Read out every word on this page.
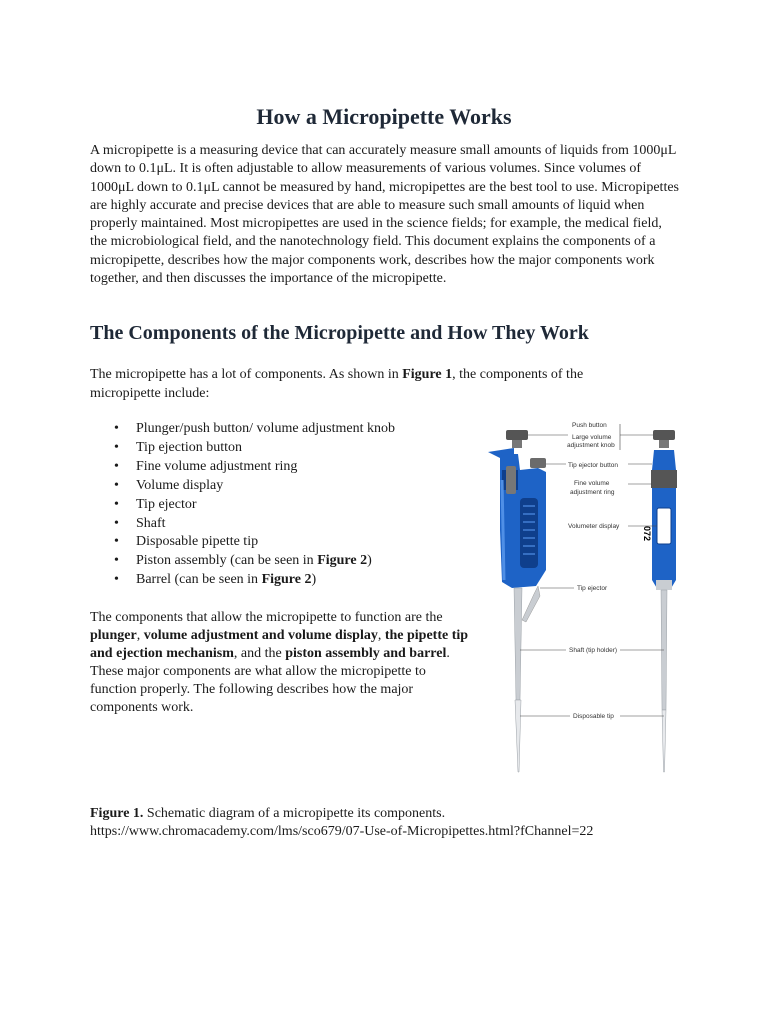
How a Micropipette Works

A micropipette is a measuring device that can accurately measure small amounts of liquids from 1000μL down to 0.1μL. It is often adjustable to allow measurements of various volumes. Since volumes of 1000μL down to 0.1μL cannot be measured by hand, micropipettes are the best tool to use. Micropipettes are highly accurate and precise devices that are able to measure such small amounts of liquid when properly maintained. Most micropipettes are used in the science fields; for example, the medical field, the microbiological field, and the nanotechnology field. This document explains the components of a micropipette, describes how the major components work, describes how the major components work together, and then discusses the importance of the micropipette.

The Components of the Micropipette and How They Work

The micropipette has a lot of components. As shown in Figure 1, the components of the micropipette include:

• Plunger/push button/ volume adjustment knob
• Tip ejection button
• Fine volume adjustment ring
• Volume display
• Tip ejector
• Shaft
• Disposable pipette tip
• Piston assembly (can be seen in Figure 2)
• Barrel (can be seen in Figure 2)

The components that allow the micropipette to function are the plunger, volume adjustment and volume display, the pipette tip and ejection mechanism, and the piston assembly and barrel. These major components are what allow the micropipette to function properly. The following describes how the major components work.

072
Push button
Large volume
adjustment knob
Tip ejector button
Fine volume
adjustment ring
Volumeter display
Tip ejector
Shaft (tip holder)
Disposable tip

Figure 1. Schematic diagram of a micropipette its components.
https://www.chromacademy.com/lms/sco679/07-Use-of-Micropipettes.html?fChannel=22
